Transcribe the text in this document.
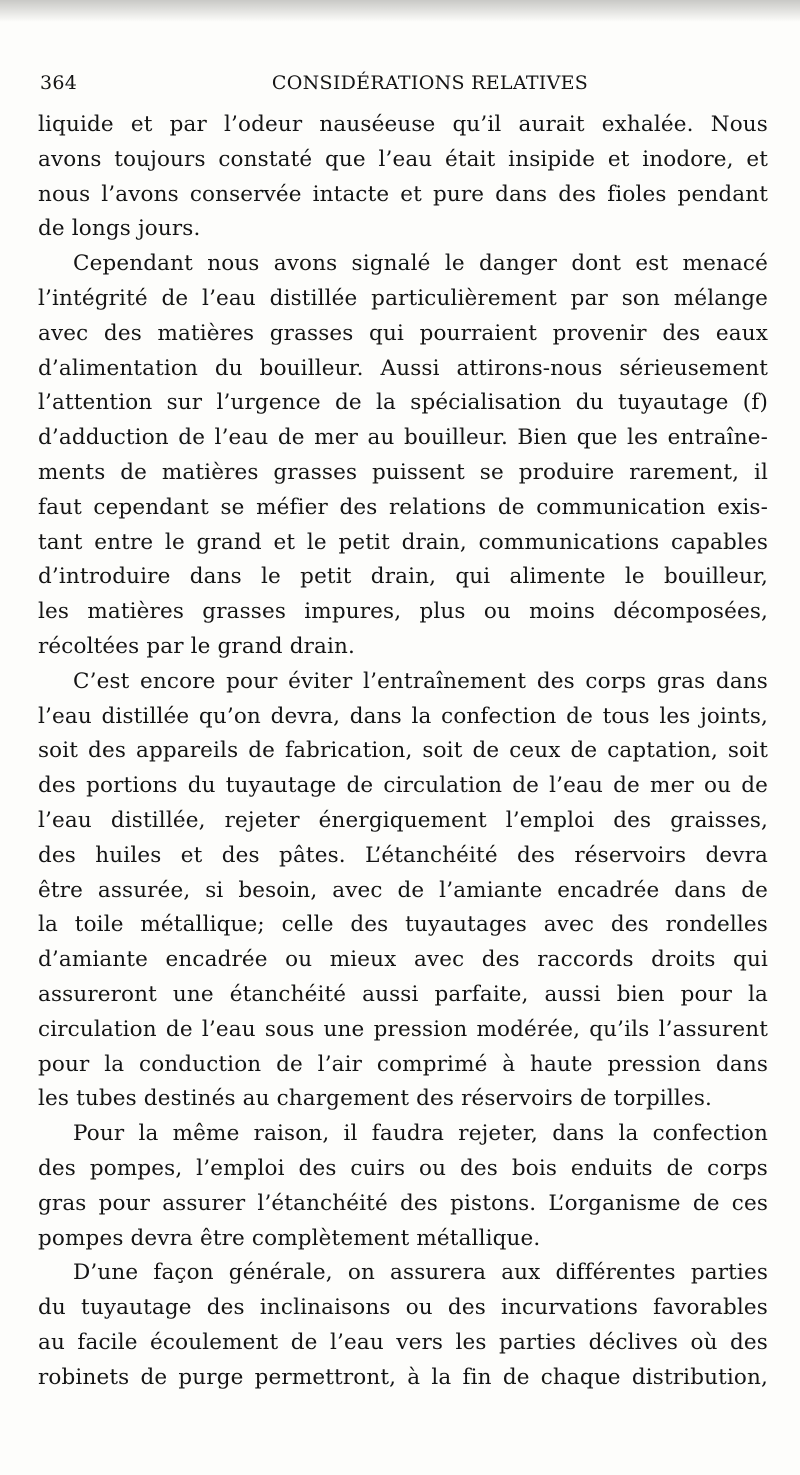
364	CONSIDÉRATIONS RELATIVES
liquide et par l’odeur nauséeuse qu’il aurait exhalée. Nous
avons toujours constaté que l’eau était insipide et inodore, et
nous l’avons conservée intacte et pure dans des fioles pendant
de longs jours.
Cependant nous avons signalé le danger dont est menacé
l’intégrité de l’eau distillée particulièrement par son mélange
avec des matières grasses qui pourraient provenir des eaux
d’alimentation du bouilleur. Aussi attirons-nous sérieusement
l’attention sur l’urgence de la spécialisation du tuyautage (f)
d’adduction de l’eau de mer au bouilleur. Bien que les entraîne-
ments de matières grasses puissent se produire rarement, il
faut cependant se méfier des relations de communication exis-
tant entre le grand et le petit drain, communications capables
d’introduire dans le petit drain, qui alimente le bouilleur,
les matières grasses impures, plus ou moins décomposées,
récoltées par le grand drain.
C’est encore pour éviter l’entraînement des corps gras dans
l’eau distillée qu’on devra, dans la confection de tous les joints,
soit des appareils de fabrication, soit de ceux de captation, soit
des portions du tuyautage de circulation de l’eau de mer ou de
l’eau distillée, rejeter énergiquement l’emploi des graisses,
des huiles et des pâtes. L’étanchéité des réservoirs devra
être assurée, si besoin, avec de l’amiante encadrée dans de
la toile métallique; celle des tuyautages avec des rondelles
d’amiante encadrée ou mieux avec des raccords droits qui
assureront une étanchéité aussi parfaite, aussi bien pour la
circulation de l’eau sous une pression modérée, qu’ils l’assurent
pour la conduction de l’air comprimé à haute pression dans
les tubes destinés au chargement des réservoirs de torpilles.
Pour la même raison, il faudra rejeter, dans la confection
des pompes, l’emploi des cuirs ou des bois enduits de corps
gras pour assurer l’étanchéité des pistons. L’organisme de ces
pompes devra être complètement métallique.
D’une façon générale, on assurera aux différentes parties
du tuyautage des inclinaisons ou des incurvations favorables
au facile écoulement de l’eau vers les parties déclives où des
robinets de purge permettront, à la fin de chaque distribution,
